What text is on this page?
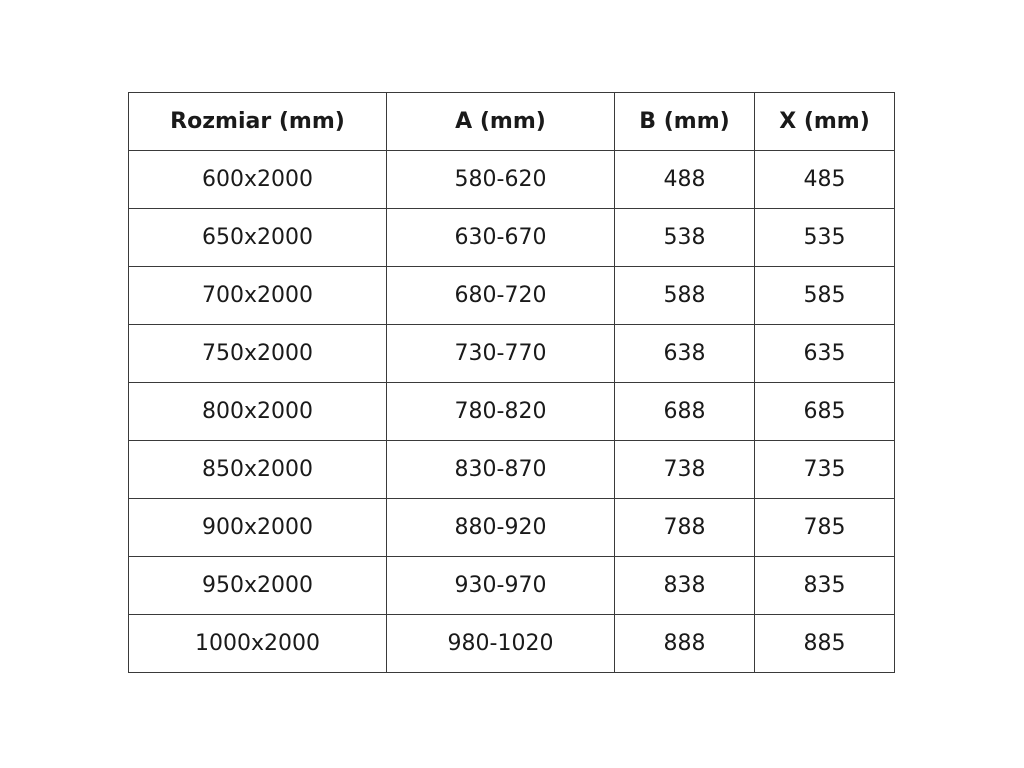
Rozmiar (mm)	A (mm)	B (mm)	X (mm)
600x2000	580-620	488	485
650x2000	630-670	538	535
700x2000	680-720	588	585
750x2000	730-770	638	635
800x2000	780-820	688	685
850x2000	830-870	738	735
900x2000	880-920	788	785
950x2000	930-970	838	835
1000x2000	980-1020	888	885
